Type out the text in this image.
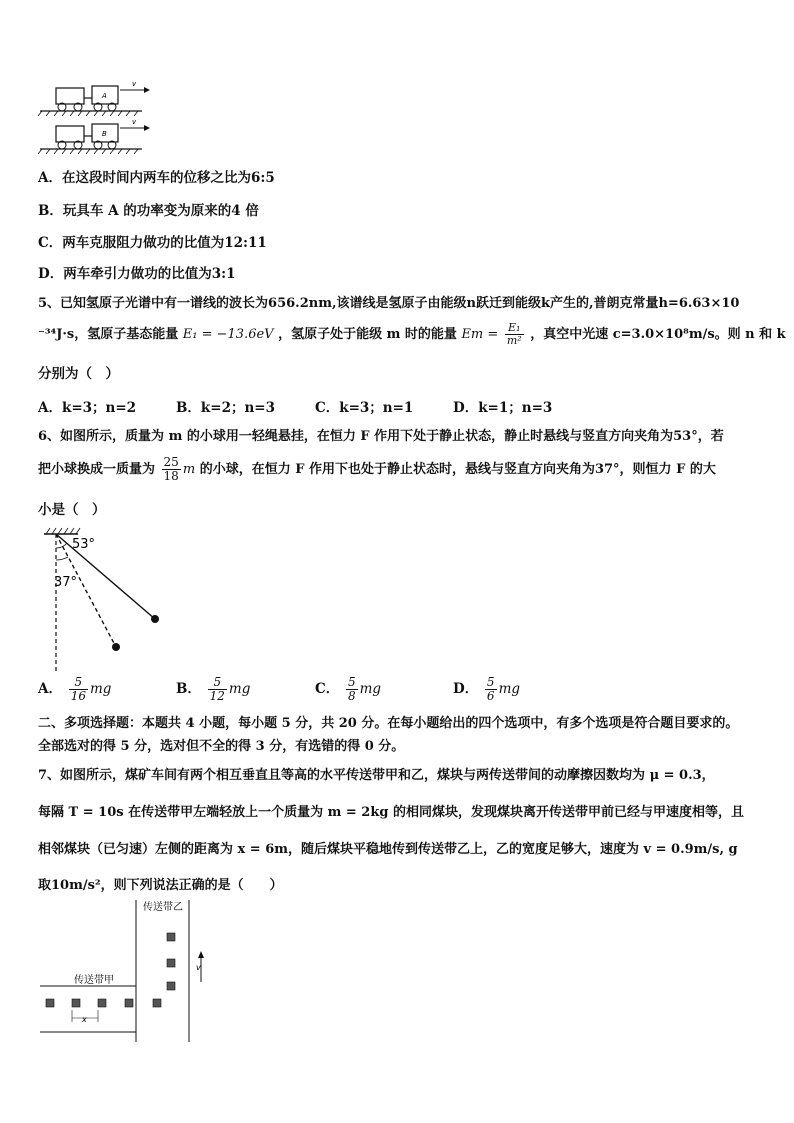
A
v
B
v
A．在这段时间内两车的位移之比为6:5
B．玩具车 A 的功率变为原来的4 倍
C．两车克服阻力做功的比值为12:11
D．两车牵引力做功的比值为3:1
5、已知氢原子光谱中有一谱线的波长为656.2nm,该谱线是氢原子由能级n跃迁到能级k产生的,普朗克常量h=6.63×10
⁻³⁴J·s，氢原子基态能量 E₁ = −13.6eV ，氢原子处于能级 m 时的能量 $Em = \frac{\text{E₁}}{\text{m²}}$ ，真空中光速 c=3.0×10⁸m/s。则 n 和 k
分别为（　）
A．k=3；n=2	B．k=2；n=3	C．k=3；n=1	D．k=1；n=3
6、如图所示，质量为 m 的小球用一轻绳悬挂，在恒力 F 作用下处于静止状态，静止时悬线与竖直方向夹角为53°，若
把小球换成一质量为 $\frac{25}{18}$ m 的小球，在恒力 F 作用下也处于静止状态时，悬线与竖直方向夹角为37°，则恒力 F 的大
小是（　）
53°
37°
A． $\frac{5}{16}$ mg	B． $\frac{5}{12}$ mg	C． $\frac{5}{8}$ mg	D． $\frac{5}{6}$ mg
二、多项选择题：本题共 4 小题，每小题 5 分，共 20 分。在每小题给出的四个选项中，有多个选项是符合题目要求的。
全部选对的得 5 分，选对但不全的得 3 分，有选错的得 0 分。
7、如图所示，煤矿车间有两个相互垂直且等高的水平传送带甲和乙，煤块与两传送带间的动摩擦因数均为 μ = 0.3，
每隔 T = 10s 在传送带甲左端轻放上一个质量为 m = 2kg 的相同煤块，发现煤块离开传送带甲前已经与甲速度相等，且
相邻煤块（已匀速）左侧的距离为 x = 6m，随后煤块平稳地传到传送带乙上，乙的宽度足够大，速度为 v = 0.9m/s, g
取10m/s²，则下列说法正确的是（　　）
传送带乙
v
传送带甲
x
